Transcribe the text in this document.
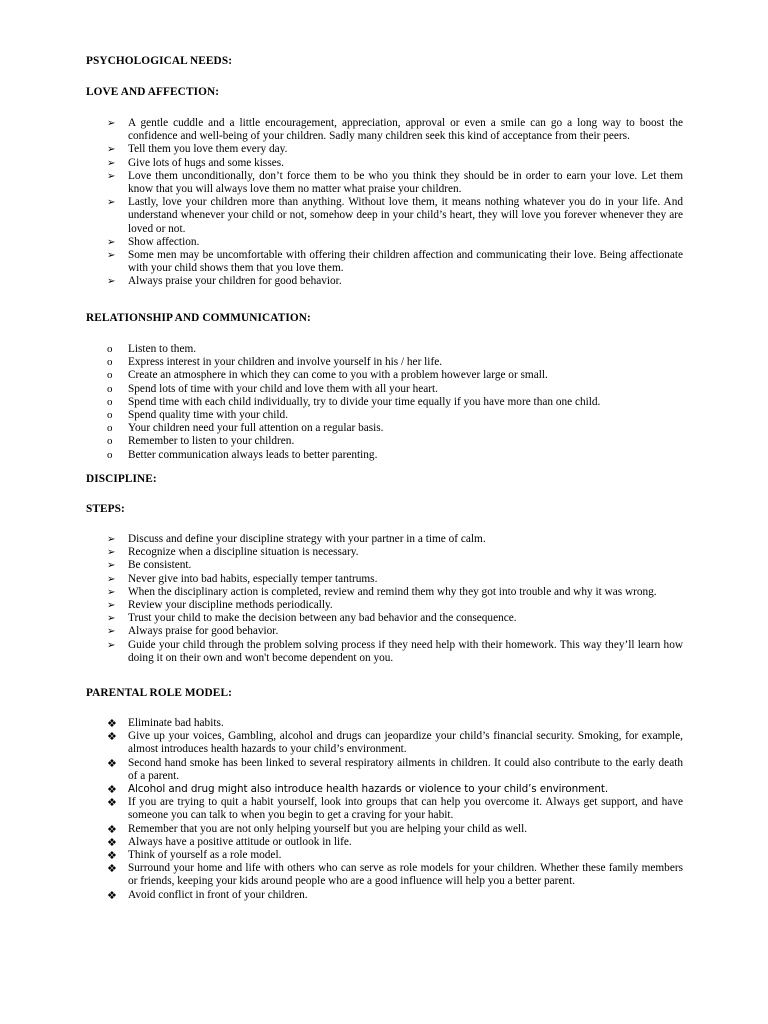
PSYCHOLOGICAL NEEDS:
LOVE AND AFFECTION:
➢	A gentle cuddle and a little encouragement, appreciation, approval or even a smile can go a long way to boost the confidence and well-being of your children. Sadly many children seek this kind of acceptance from their peers.
➢	Tell them you love them every day.
➢	Give lots of hugs and some kisses.
➢	Love them unconditionally, don’t force them to be who you think they should be in order to earn your love. Let them know that you will always love them no matter what praise your children.
➢	Lastly, love your children more than anything. Without love them, it means nothing whatever you do in your life. And understand whenever your child or not, somehow deep in your child’s heart, they will love you forever whenever they are loved or not.
➢	Show affection.
➢	Some men may be uncomfortable with offering their children affection and communicating their love. Being affectionate with your child shows them that you love them.
➢	Always praise your children for good behavior.
RELATIONSHIP AND COMMUNICATION:
o	Listen to them.
o	Express interest in your children and involve yourself in his / her life.
o	Create an atmosphere in which they can come to you with a problem however large or small.
o	Spend lots of time with your child and love them with all your heart.
o	Spend time with each child individually, try to divide your time equally if you have more than one child.
o	Spend quality time with your child.
o	Your children need your full attention on a regular basis.
o	Remember to listen to your children.
o	Better communication always leads to better parenting.
DISCIPLINE:
STEPS:
➢	Discuss and define your discipline strategy with your partner in a time of calm.
➢	Recognize when a discipline situation is necessary.
➢	Be consistent.
➢	Never give into bad habits, especially temper tantrums.
➢	When the disciplinary action is completed, review and remind them why they got into trouble and why it was wrong.
➢	Review your discipline methods periodically.
➢	Trust your child to make the decision between any bad behavior and the consequence.
➢	Always praise for good behavior.
➢	Guide your child through the problem solving process if they need help with their homework. This way they’ll learn how doing it on their own and won't become dependent on you.
PARENTAL ROLE MODEL:
❖ Eliminate bad habits.
❖ Give up your voices, Gambling, alcohol and drugs can jeopardize your child’s financial security. Smoking, for example, almost introduces health hazards to your child’s environment.
❖ Second hand smoke has been linked to several respiratory ailments in children. It could also contribute to the early death of a parent.
❖	Alcohol and drug might also introduce health hazards or violence to your child’s environment.
❖ If you are trying to quit a habit yourself, look into groups that can help you overcome it. Always get support, and have someone you can talk to when you begin to get a craving for your habit.
❖ Remember that you are not only helping yourself but you are helping your child as well.
❖ Always have a positive attitude or outlook in life.
❖ Think of yourself as a role model.
❖ Surround your home and life with others who can serve as role models for your children. Whether these family members or friends, keeping your kids around people who are a good influence will help you a better parent.
❖ Avoid conflict in front of your children.
